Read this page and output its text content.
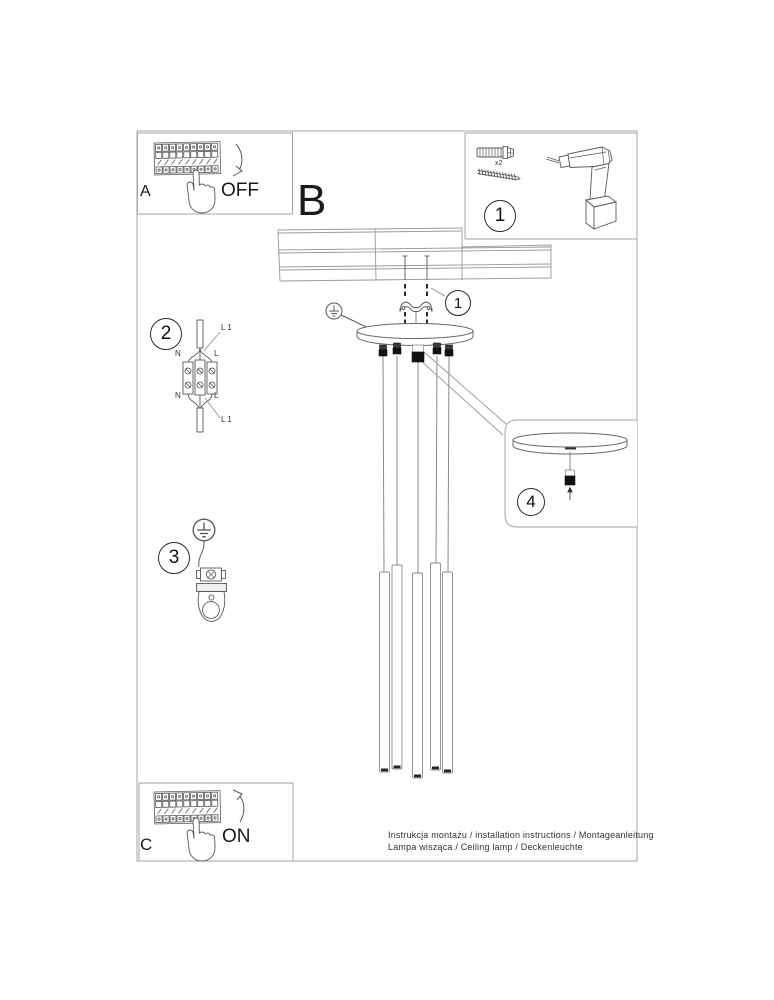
A	OFF B
x2
C	ON
1
1
2
3
4
L 1
N	L
N	L
L 1
Instrukcja montażu / installation instructions / Montageanleitung
Lampa wisząca / Ceiling lamp / Deckenleuchte
